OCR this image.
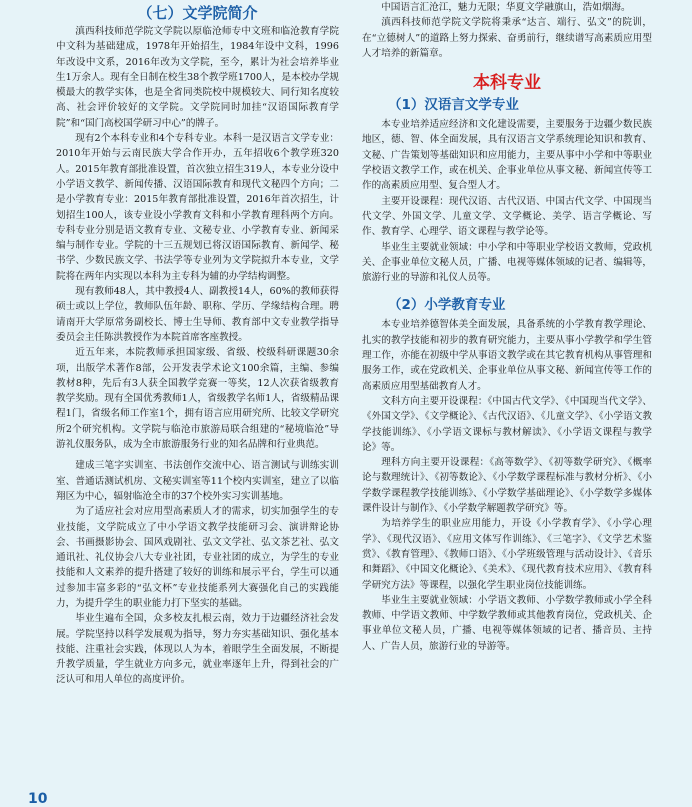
（七）文学院简介

滇西科技师范学院文学院以原临沧师专中文班和临沧教育学院中文科为基础建成，1978年开始招生，1984年设中文科，1996年改设中文系，2016年改为文学院，至今，累计为社会培养毕业生1万余人。现有全日制在校生38个教学班1700人，是本校办学规模最大的教学实体，也是全省同类院校中规模较大、同行知名度较高、社会评价较好的文学院。文学院同时加挂“汉语国际教育学院”和“国门高校国学研习中心”的牌子。

现有2个本科专业和4个专科专业。本科一是汉语言文学专业：2010年开始与云南民族大学合作开办，五年招收6个教学班320人。2015年教育部批准设置，首次独立招生319人，本专业分设中小学语文教学、新闻传播、汉语国际教育和现代文秘四个方向；二是小学教育专业：2015年教育部批准设置，2016年首次招生，计划招生100人，该专业设小学教育文科和小学教育理科两个方向。专科专业分别是语文教育专业、文秘专业、小学教育专业、新闻采编与制作专业。学院的十三五规划已将汉语国际教育、新闻学、秘书学、少数民族文学、书法学等专业列为文学院拟升本专业，文学院将在两年内实现以本科为主专科为辅的办学结构调整。

现有教师48人，其中教授4人、副教授14人，60%的教师获得硕士或以上学位，教师队伍年龄、职称、学历、学缘结构合理。聘请南开大学原常务副校长、博士生导师、教育部中文专业教学指导委员会主任陈洪教授作为本院首席客座教授。

近五年来，本院教师承担国家级、省级、校级科研课题30余项，出版学术著作8部，公开发表学术论文100余篇，主编、参编教材8种，先后有3人获全国教学竞赛一等奖，12人次获省级教育教学奖励。现有全国优秀教师1人，省级教学名师1人，省级精品课程1门，省级名师工作室1个，拥有语言应用研究所、比较文学研究所2个研究机构。文学院与临沧市旅游局联合组建的“秘境临沧”导游礼仪服务队，成为全市旅游服务行业的知名品牌和行业典范。

建成三笔字实训室、书法创作交流中心、语言测试与训练实训室、普通话测试机房、文秘实训室等11个校内实训室，建立了以临翔区为中心，辐射临沧全市的37个校外实习实训基地。

为了适应社会对应用型高素质人才的需求，切实加强学生的专业技能，文学院成立了中小学语文教学技能研习会、演讲辩论协会、书画摄影协会、国风戏剧社、弘文文学社、弘文茶艺社、弘文通讯社、礼仪协会八大专业社团，专业社团的成立，为学生的专业技能和人文素养的提升搭建了较好的训练和展示平台，学生可以通过参加丰富多彩的“弘文杯”专业技能系列大赛强化自己的实践能力，为提升学生的职业能力打下坚实的基础。

毕业生遍布全国，众多校友扎根云南，效力于边疆经济社会发展。学院坚持以科学发展观为指导，努力夯实基础知识、强化基本技能、注重社会实践，体现以人为本，着眼学生全面发展，不断提升教学质量，学生就业方向多元，就业率逐年上升，得到社会的广泛认可和用人单位的高度评价。

中国语言汇沧江，魅力无限；华夏文学融旗山，浩如烟海。

滇西科技师范学院文学院将秉承“达言、端行、弘文”的院训，在“立德树人”的道路上努力探索、奋勇前行，继续谱写高素质应用型人才培养的新篇章。

本科专业
（1）汉语言文学专业

本专业培养适应经济和文化建设需要，主要服务于边疆少数民族地区，德、智、体全面发展，具有汉语言文学系统理论知识和教育、文秘、广告策划等基础知识和应用能力，主要从事中小学和中等职业学校语文教学工作，或在机关、企事业单位从事文秘、新闻宣传等工作的高素质应用型、复合型人才。

主要开设课程：现代汉语、古代汉语、中国古代文学、中国现当代文学、外国文学、儿童文学、文学概论、美学、语言学概论、写作、教育学、心理学、语文课程与教学论等。

毕业生主要就业领域：中小学和中等职业学校语文教师，党政机关、企事业单位文秘人员，广播、电视等媒体领域的记者、编辑等，旅游行业的导游和礼仪人员等。

（2）小学教育专业

本专业培养德智体美全面发展，具备系统的小学教育教学理论、扎实的教学技能和初步的教育研究能力，主要从事小学教学和学生管理工作，亦能在初级中学从事语文教学或在其它教育机构从事管理和服务工作，或在党政机关、企事业单位从事文秘、新闻宣传等工作的高素质应用型基础教育人才。

文科方向主要开设课程：《中国古代文学》、《中国现当代文学》、《外国文学》、《文学概论》、《古代汉语》、《儿童文学》、《小学语文教学技能训练》、《小学语文课标与教材解读》、《小学语文课程与教学论》等。

理科方向主要开设课程：《高等数学》、《初等数学研究》、《概率论与数理统计》、《初等数论》、《小学数学课程标准与教材分析》、《小学数学课程教学技能训练》、《小学数学基础理论》、《小学数学多媒体课件设计与制作》、《小学数学解题教学研究》等。

为培养学生的职业应用能力，开设《小学教育学》、《小学心理学》、《现代汉语》、《应用文体写作训练》、《三笔字》、《文学艺术鉴赏》、《教育管理》、《教师口语》、《小学班级管理与活动设计》、《音乐和舞蹈》、《中国文化概论》、《美术》、《现代教育技术应用》、《教育科学研究方法》等课程，以强化学生职业岗位技能训练。

毕业生主要就业领域：小学语文教师、小学数学教师或小学全科教师、中学语文教师、中学数学教师或其他教育岗位，党政机关、企事业单位文秘人员，广播、电视等媒体领域的记者、播音员、主持人、广告人员，旅游行业的导游等。

10
